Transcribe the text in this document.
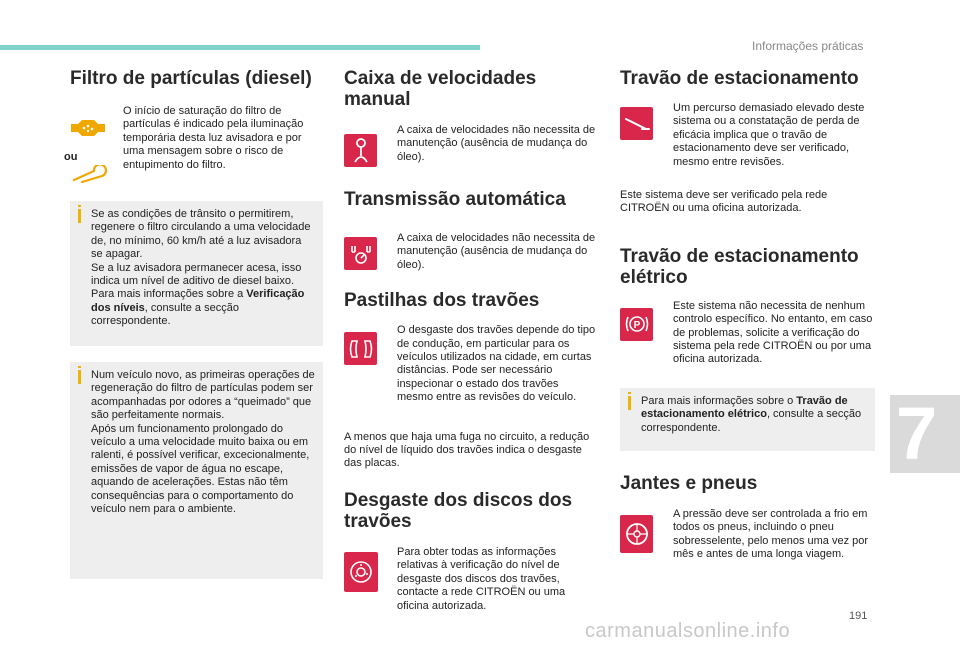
Informações práticas
Filtro de partículas (diesel)
ou

O início de saturação do filtro de partículas é indicado pela iluminação temporária desta luz avisadora e por uma mensagem sobre o risco de entupimento do filtro.

Se as condições de trânsito o permitirem, regenere o filtro circulando a uma velocidade de, no mínimo, 60 km/h até a luz avisadora se apagar.

Se a luz avisadora permanecer acesa, isso indica um nível de aditivo de diesel baixo.

Para mais informações sobre a Verificação dos níveis, consulte a secção correspondente.

Num veículo novo, as primeiras operações de regeneração do filtro de partículas podem ser acompanhadas por odores a “queimado” que são perfeitamente normais.

Após um funcionamento prolongado do veículo a uma velocidade muito baixa ou em ralenti, é possível verificar, excecionalmente, emissões de vapor de água no escape, aquando de acelerações. Estas não têm consequências para o comportamento do veículo nem para o ambiente.

Caixa de velocidades manual

A caixa de velocidades não necessita de manutenção (ausência de mudança do óleo).

Transmissão automática

A caixa de velocidades não necessita de manutenção (ausência de mudança do óleo).

Pastilhas dos travões

O desgaste dos travões depende do tipo de condução, em particular para os veículos utilizados na cidade, em curtas distâncias. Pode ser necessário inspecionar o estado dos travões mesmo entre as revisões do veículo.

A menos que haja uma fuga no circuito, a redução do nível de líquido dos travões indica o desgaste das placas.

Desgaste dos discos dos travões

Para obter todas as informações relativas à verificação do nível de desgaste dos discos dos travões, contacte a rede CITROËN ou uma oficina autorizada.

Travão de estacionamento

Um percurso demasiado elevado deste sistema ou a constatação de perda de eficácia implica que o travão de estacionamento deve ser verificado, mesmo entre revisões.

Este sistema deve ser verificado pela rede CITROËN ou uma oficina autorizada.

Travão de estacionamento elétrico
P

Este sistema não necessita de nenhum controlo específico. No entanto, em caso de problemas, solicite a verificação do sistema pela rede CITROËN ou por uma oficina autorizada.

Para mais informações sobre o Travão de estacionamento elétrico, consulte a secção correspondente.

Jantes e pneus

A pressão deve ser controlada a frio em todos os pneus, incluindo o pneu sobresselente, pelo menos uma vez por mês e antes de uma longa viagem.

7
191
carmanualsonline.info
